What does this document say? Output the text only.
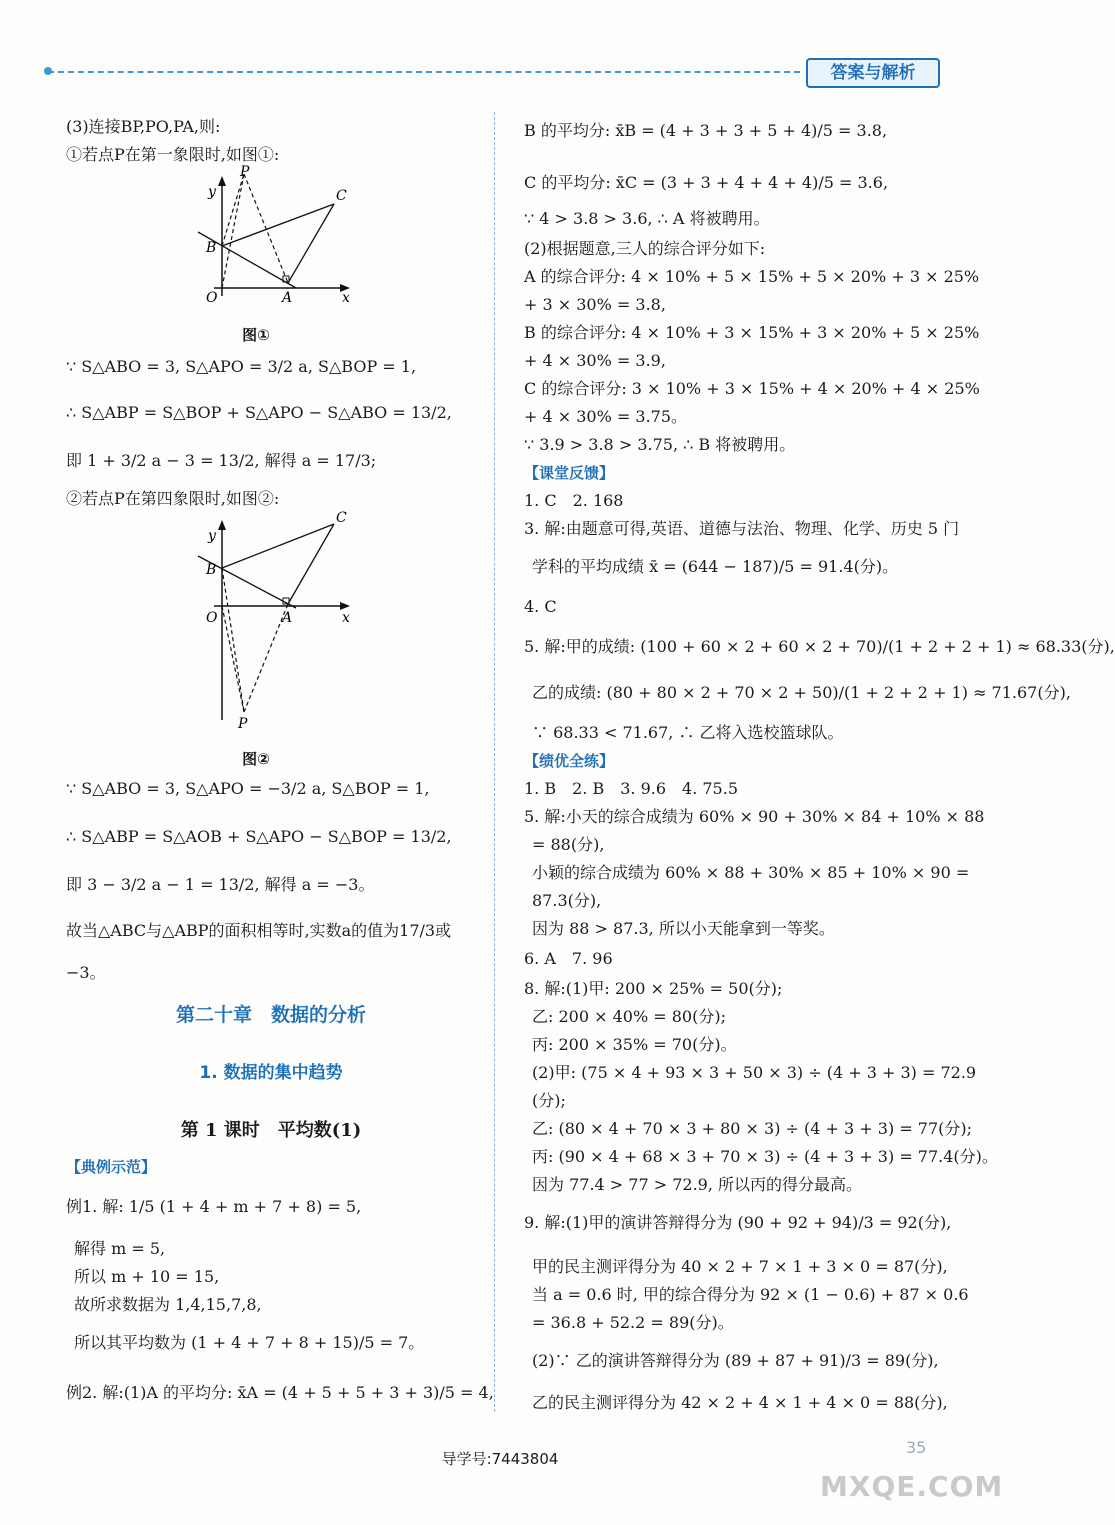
答案与解析
(3)连接BP,PO,PA,则:
①若点P在第一象限时,如图①:
P
C
y
B
O	A	x
图①
∵ S△ABO = 3, S△APO = 3/2 a, S△BOP = 1,
∴ S△ABP = S△BOP + S△APO − S△ABO = 13/2,
即 1 + 3/2 a − 3 = 13/2, 解得 a = 17/3;
②若点P在第四象限时,如图②:
C
y
B
O	A	x
P
图②
∵ S△ABO = 3, S△APO = −3/2 a, S△BOP = 1,
∴ S△ABP = S△AOB + S△APO − S△BOP = 13/2,
即 3 − 3/2 a − 1 = 13/2, 解得 a = −3。
故当△ABC与△ABP的面积相等时,实数a的值为17/3或
−3。
第二十章　数据的分析
1. 数据的集中趋势
第 1 课时　平均数(1)
【 典例示范 】
例1. 解: 1/5 (1 + 4 + m + 7 + 8) = 5,
解得 m = 5,
所以 m + 10 = 15,
故所求数据为 1,4,15,7,8,
所以其平均数为 (1 + 4 + 7 + 8 + 15)/5 = 7。
例2. 解:(1)A 的平均分: x̄A = (4 + 5 + 5 + 3 + 3)/5 = 4,
B 的平均分: x̄B = (4 + 3 + 3 + 5 + 4)/5 = 3.8,
C 的平均分: x̄C = (3 + 3 + 4 + 4 + 4)/5 = 3.6,
∵ 4 > 3.8 > 3.6, ∴ A 将被聘用。
(2)根据题意,三人的综合评分如下:
A 的综合评分: 4 × 10% + 5 × 15% + 5 × 20% + 3 × 25%
+ 3 × 30% = 3.8,
B 的综合评分: 4 × 10% + 3 × 15% + 3 × 20% + 5 × 25%
+ 4 × 30% = 3.9,
C 的综合评分: 3 × 10% + 3 × 15% + 4 × 20% + 4 × 25%
+ 4 × 30% = 3.75。
∵ 3.9 > 3.8 > 3.75, ∴ B 将被聘用。
【 课堂反馈 】
1. C　2. 168
3. 解:由题意可得,英语、道德与法治、物理、化学、历史 5 门
学科的平均成绩 x̄ = (644 − 187)/5 = 91.4(分)。
4. C
5. 解:甲的成绩: (100 + 60 × 2 + 60 × 2 + 70)/(1 + 2 + 2 + 1) ≈ 68.33(分),
乙的成绩: (80 + 80 × 2 + 70 × 2 + 50)/(1 + 2 + 2 + 1) ≈ 71.67(分),
∵ 68.33 < 71.67, ∴ 乙将入选校篮球队。
【 绩优全练 】
1. B　2. B　3. 9.6　4. 75.5
5. 解:小天的综合成绩为 60% × 90 + 30% × 84 + 10% × 88
= 88(分),
小颖的综合成绩为 60% × 88 + 30% × 85 + 10% × 90 =
87.3(分),
因为 88 > 87.3, 所以小天能拿到一等奖。
6. A　7. 96
8. 解:(1)甲: 200 × 25% = 50(分);
乙: 200 × 40% = 80(分);
丙: 200 × 35% = 70(分)。
(2)甲: (75 × 4 + 93 × 3 + 50 × 3) ÷ (4 + 3 + 3) = 72.9
(分);
乙: (80 × 4 + 70 × 3 + 80 × 3) ÷ (4 + 3 + 3) = 77(分);
丙: (90 × 4 + 68 × 3 + 70 × 3) ÷ (4 + 3 + 3) = 77.4(分)。
因为 77.4 > 77 > 72.9, 所以丙的得分最高。
9. 解:(1)甲的演讲答辩得分为 (90 + 92 + 94)/3 = 92(分),
甲的民主测评得分为 40 × 2 + 7 × 1 + 3 × 0 = 87(分),
当 a = 0.6 时, 甲的综合得分为 92 × (1 − 0.6) + 87 × 0.6
= 36.8 + 52.2 = 89(分)。
(2)∵ 乙的演讲答辩得分为 (89 + 87 + 91)/3 = 89(分),
乙的民主测评得分为 42 × 2 + 4 × 1 + 4 × 0 = 88(分),
导学号:7443804
35
MXQE.COM
